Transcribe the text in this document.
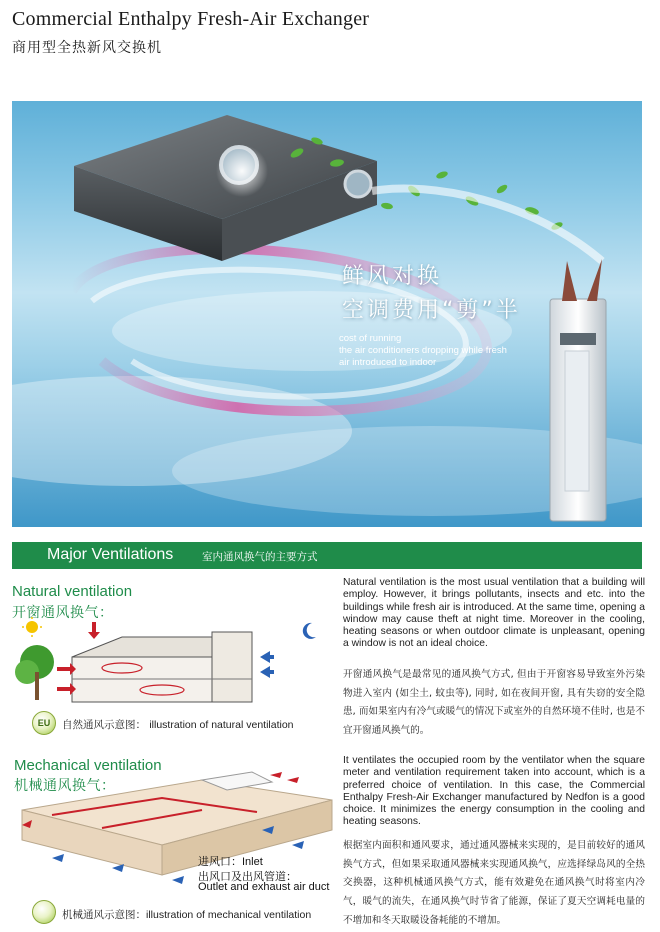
Commercial Enthalpy Fresh-Air Exchanger
商用型全热新风交换机
鲜风对换
空调费用“剪”半
cost of running
the air conditioners dropping while fresh
air introduced to indoor
Major Ventilations	室内通风换气的主要方式
Natural ventilation
开窗通风换气：
EU	自然通风示意图： illustration of natural ventilation
Natural ventilation is the most usual ventilation that a building will employ. However, it brings pollutants, insects and etc. into the buildings while fresh air is introduced. At the same time, opening a window may cause theft at night time. Moreover in the cooling, heating seasons or when outdoor climate is unpleasant, opening a window is not an ideal choice.
开窗通风换气是最常见的通风换气方式, 但由于开窗容易导致室外污染物进入室内 (如尘土, 蚊虫等), 同时, 如在夜间开窗, 具有失窃的安全隐患, 而如果室内有冷气或暖气的情况下或室外的自然环境不佳时, 也是不宜开窗通风换气的。
Mechanical ventilation
机械通风换气：
进风口：Inlet
出风口及出风管道：
Outlet and exhaust air duct
机械通风示意图：illustration of mechanical ventilation
It ventilates the occupied room by the ventilator when the square meter and ventilation requirement taken into account, which is a preferred choice of ventilation. In this case, the Commercial Enthalpy Fresh-Air Exchanger manufactured by Nedfon is a good choice. It minimizes the energy consumption in the cooling and heating seasons.
根据室内面积和通风要求，通过通风器械来实现的，是目前较好的通风换气方式，但如果采取通风器械来实现通风换气，应选择绿岛风的全热交换器，这种机械通风换气方式，能有效避免在通风换气时将室内冷气，暖气的流失，在通风换气时节省了能源，保证了夏天空调耗电量的不增加和冬天取暖设备耗能的不增加。
